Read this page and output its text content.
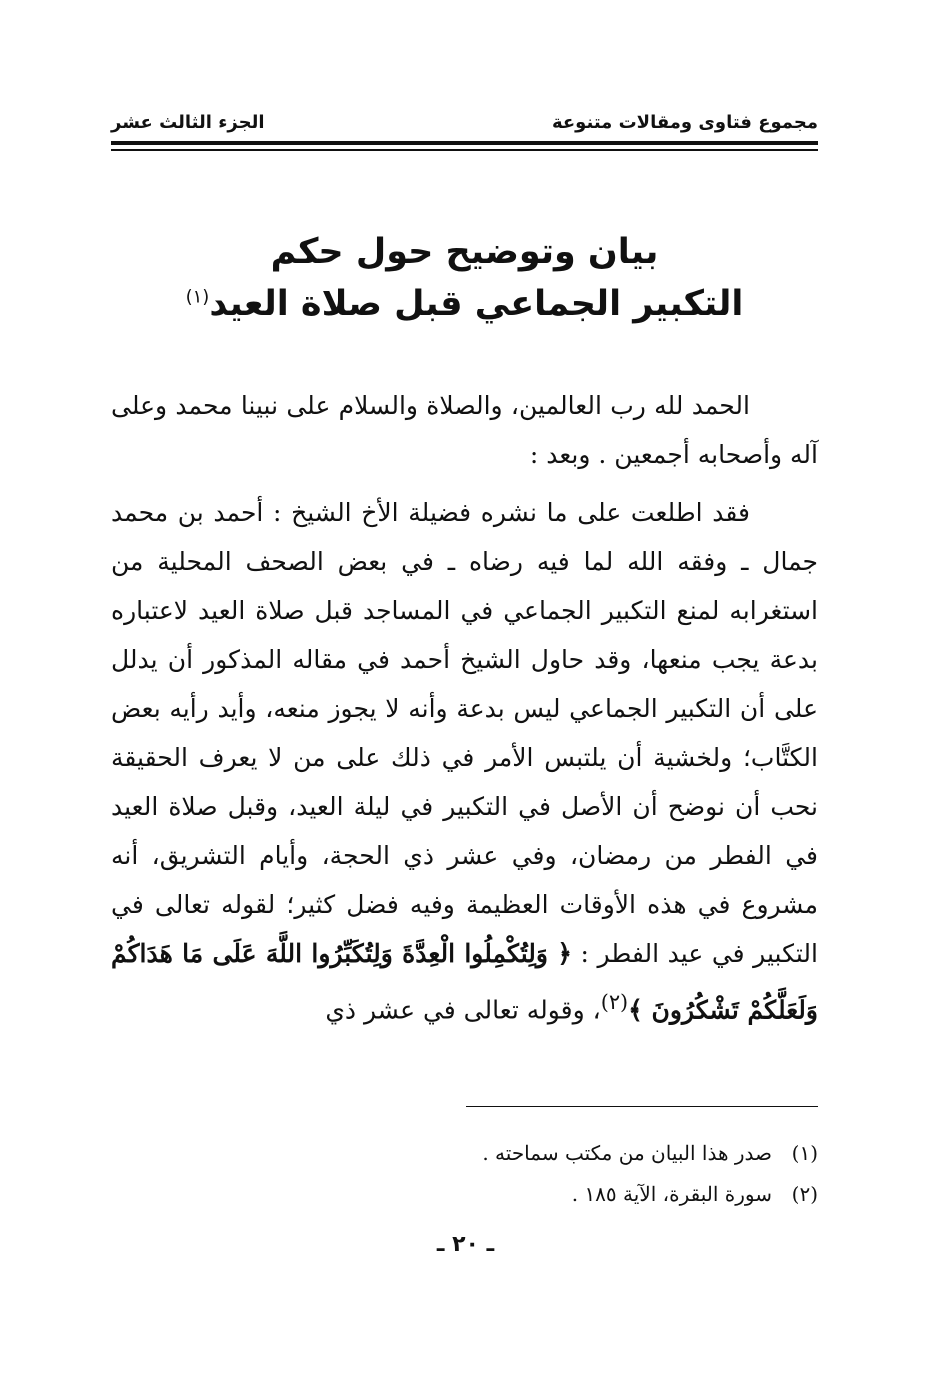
مجموع فتاوى ومقالات متنوعة
الجزء الثالث عشر
بيان وتوضيح حول حكم
التكبير الجماعي قبل صلاة العيد$^{(١)}$
الحمد لله رب العالمين، والصلاة والسلام على نبينا محمد وعلى آله وأصحابه أجمعين . وبعد :
فقد اطلعت على ما نشره فضيلة الأخ الشيخ : أحمد بن محمد جمال ـ وفقه الله لما فيه رضاه ـ في بعض الصحف المحلية من استغرابه لمنع التكبير الجماعي في المساجد قبل صلاة العيد لاعتباره بدعة يجب منعها، وقد حاول الشيخ أحمد في مقاله المذكور أن يدلل على أن التكبير الجماعي ليس بدعة وأنه لا يجوز منعه، وأيد رأيه بعض الكتَّاب؛ ولخشية أن يلتبس الأمر في ذلك على من لا يعرف الحقيقة نحب أن نوضح أن الأصل في التكبير في ليلة العيد، وقبل صلاة العيد في الفطر من رمضان، وفي عشر ذي الحجة، وأيام التشريق، أنه مشروع في هذه الأوقات العظيمة وفيه فضل كثير؛ لقوله تعالى في التكبير في عيد الفطر : ﴿ وَلِتُكْمِلُوا الْعِدَّةَ وَلِتُكَبِّرُوا اللَّهَ عَلَى مَا هَدَاكُمْ وَلَعَلَّكُمْ تَشْكُرُونَ ﴾$^{(٢)}$، وقوله تعالى في عشر ذي
(١)صدر هذا البيان من مكتب سماحته .
(٢)سورة البقرة، الآية ١٨٥ .
ـ ٢٠ ـ
